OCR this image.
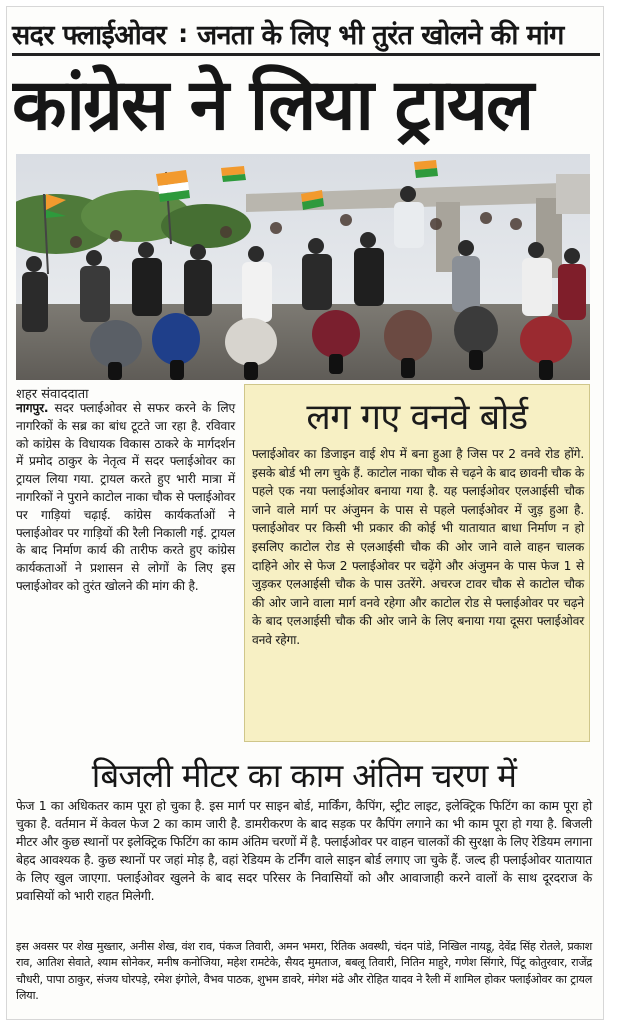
सदर फ्लाईओवर : जनता के लिए भी तुरंत खोलने की मांग
कांग्रेस ने लिया ट्रायल
शहर संवाददाता
नागपुर. सदर फ्लाईओवर से सफर करने के लिए नागरिकों के सब्र का बांध टूटते जा रहा है. रविवार को कांग्रेस के विधायक विकास ठाकरे के मार्गदर्शन में प्रमोद ठाकुर के नेतृत्व में सदर फ्लाईओवर का ट्रायल लिया गया. ट्रायल करते हुए भारी मात्रा में नागरिकों ने पुराने काटोल नाका चौक से फ्लाईओवर पर गाड़ियां चढ़ाई. कांग्रेस कार्यकर्ताओं ने फ्लाईओवर पर गाड़ियों की रैली निकाली गई. ट्रायल के बाद निर्माण कार्य की तारीफ करते हुए कांग्रेस कार्यकताओं ने प्रशासन से लोगों के लिए इस फ्लाईओवर को तुरंत खोलने की मांग की है.
लग गए वनवे बोर्ड
फ्लाईओवर का डिजाइन वाई शेप में बना हुआ है जिस पर 2 वनवे रोड होंगे. इसके बोर्ड भी लग चुके हैं. काटोल नाका चौक से चढ़ने के बाद छावनी चौक के पहले एक नया फ्लाईओवर बनाया गया है. यह फ्लाईओवर एलआईसी चौक जाने वाले मार्ग पर अंजुमन के पास से पहले फ्लाईओवर में जुड़ हुआ है. फ्लाईओवर पर किसी भी प्रकार की कोई भी यातायात बाधा निर्माण न हो इसलिए काटोल रोड से एलआईसी चौक की ओर जाने वाले वाहन चालक दाहिने ओर से फेज 2 फ्लाईओवर पर चढ़ेंगे और अंजुमन के पास फेज 1 से जुड़कर एलआईसी चौक के पास उतरेंगे. अचरज टावर चौक से काटोल चौक की ओर जाने वाला मार्ग वनवे रहेगा और काटोल रोड से फ्लाईओवर पर चढ़ने के बाद एलआईसी चौक की ओर जाने के लिए बनाया गया दूसरा फ्लाईओवर वनवे रहेगा.
बिजली मीटर का काम अंतिम चरण में
फेज 1 का अधिकतर काम पूरा हो चुका है. इस मार्ग पर साइन बोर्ड, मार्किंग, कैपिंग, स्ट्रीट लाइट, इलेक्ट्रिक फिटिंग का काम पूरा हो चुका है. वर्तमान में केवल फेज 2 का काम जारी है. डामरीकरण के बाद सड़क पर कैपिंग लगाने का भी काम पूरा हो गया है. बिजली मीटर और कुछ स्थानों पर इलेक्ट्रिक फिटिंग का काम अंतिम चरणों में है. फ्लाईओवर पर वाहन चालकों की सुरक्षा के लिए रेडियम लगाना बेहद आवश्यक है. कुछ स्थानों पर जहां मोड़ है, वहां रेडियम के टर्निंग वाले साइन बोर्ड लगाए जा चुके हैं. जल्द ही फ्लाईओवर यातायात के लिए खुल जाएगा. फ्लाईओवर खुलने के बाद सदर परिसर के निवासियों को और आवाजाही करने वालों के साथ दूरदराज के प्रवासियों को भारी राहत मिलेगी.
इस अवसर पर शेख मुख्तार, अनीस शेख, वंश राव, पंकज तिवारी, अमन भमरा, रितिक अवस्थी, चंदन पांडे, निखिल नायडू, देवेंद्र सिंह रोतले, प्रकाश राव, आतिश सेवाते, श्याम सोनेकर, मनीष कनोजिया, महेश रामटेके, सैयद मुमताज, बबलू तिवारी, नितिन माहुरे, गणेश सिंगारे, पिंटू कोतुरवार, राजेंद्र चौधरी, पापा ठाकुर, संजय घोरपड़े, रमेश इंगोले, वैभव पाठक, शुभम डावरे, मंगेश मंढे और रोहित यादव ने रैली में शामिल होकर फ्लाईओवर का ट्रायल लिया.
